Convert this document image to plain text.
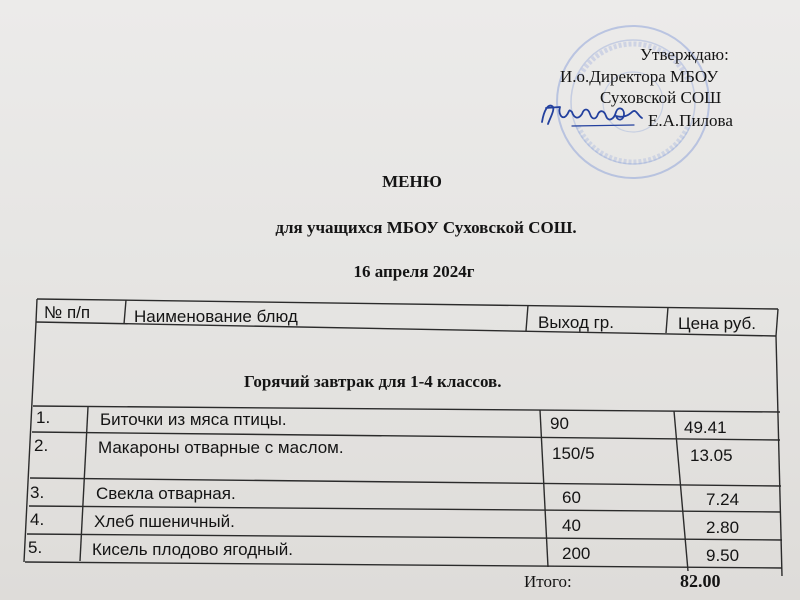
Утверждаю:
И.о.Директора МБОУ
Суховской СОШ
Е.А.Пилова
МЕНЮ
для учащихся МБОУ Суховской СОШ.
16 апреля 2024г
№ п/п	Наименование блюд	Выход гр.	Цена руб.
Горячий завтрак для 1-4 классов.
1.	Биточки из мяса птицы.	90	49.41
2.	Макароны отварные с маслом.	150/5	13.05
3.	Свекла отварная.	60	7.24
4.	Хлеб пшеничный.	40	2.80
5.	Кисель плодово ягодный.	200	9.50
Итого:	82.00
